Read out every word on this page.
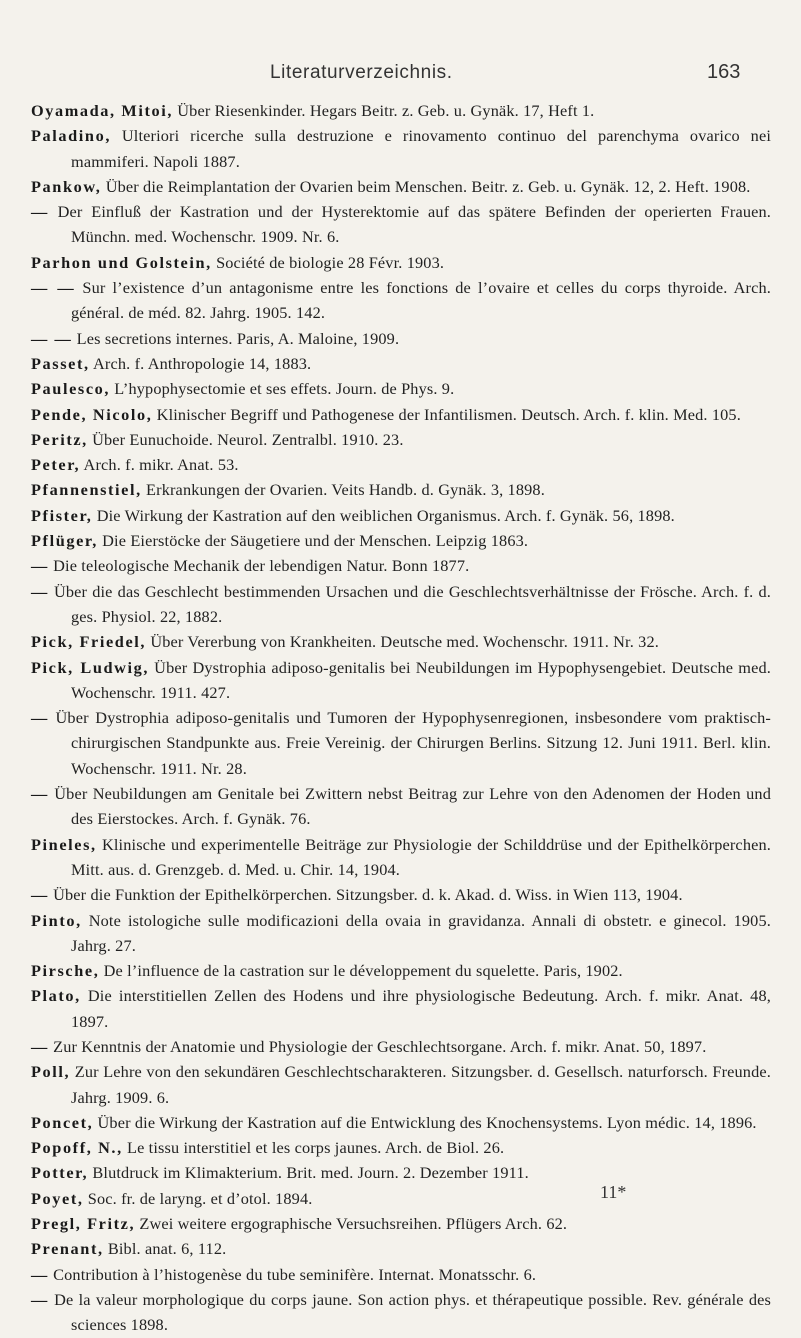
Literaturverzeichnis.	163
Oyamada, Mitoi, Über Riesenkinder. Hegars Beitr. z. Geb. u. Gynäk. 17, Heft 1.
Paladino, Ulteriori ricerche sulla destruzione e rinovamento continuo del parenchyma ovarico nei mammiferi. Napoli 1887.
Pankow, Über die Reimplantation der Ovarien beim Menschen. Beitr. z. Geb. u. Gynäk. 12, 2. Heft. 1908.
— Der Einfluß der Kastration und der Hysterektomie auf das spätere Befinden der operierten Frauen. Münchn. med. Wochenschr. 1909. Nr. 6.
Parhon und Golstein, Société de biologie 28 Févr. 1903.
— — Sur l’existence d’un antagonisme entre les fonctions de l’ovaire et celles du corps thyroide. Arch. général. de méd. 82. Jahrg. 1905. 142.
— — Les secretions internes. Paris, A. Maloine, 1909.
Passet, Arch. f. Anthropologie 14, 1883.
Paulesco, L’hypophysectomie et ses effets. Journ. de Phys. 9.
Pende, Nicolo, Klinischer Begriff und Pathogenese der Infantilismen. Deutsch. Arch. f. klin. Med. 105.
Peritz, Über Eunuchoide. Neurol. Zentralbl. 1910. 23.
Peter, Arch. f. mikr. Anat. 53.
Pfannenstiel, Erkrankungen der Ovarien. Veits Handb. d. Gynäk. 3, 1898.
Pfister, Die Wirkung der Kastration auf den weiblichen Organismus. Arch. f. Gynäk. 56, 1898.
Pflüger, Die Eierstöcke der Säugetiere und der Menschen. Leipzig 1863.
— Die teleologische Mechanik der lebendigen Natur. Bonn 1877.
— Über die das Geschlecht bestimmenden Ursachen und die Geschlechtsverhältnisse der Frösche. Arch. f. d. ges. Physiol. 22, 1882.
Pick, Friedel, Über Vererbung von Krankheiten. Deutsche med. Wochenschr. 1911. Nr. 32.
Pick, Ludwig, Über Dystrophia adiposo-genitalis bei Neubildungen im Hypophysengebiet. Deutsche med. Wochenschr. 1911. 427.
— Über Dystrophia adiposo-genitalis und Tumoren der Hypophysenregionen, insbesondere vom praktisch-chirurgischen Standpunkte aus. Freie Vereinig. der Chirurgen Berlins. Sitzung 12. Juni 1911. Berl. klin. Wochenschr. 1911. Nr. 28.
— Über Neubildungen am Genitale bei Zwittern nebst Beitrag zur Lehre von den Adenomen der Hoden und des Eierstockes. Arch. f. Gynäk. 76.
Pineles, Klinische und experimentelle Beiträge zur Physiologie der Schilddrüse und der Epithelkörperchen. Mitt. aus. d. Grenzgeb. d. Med. u. Chir. 14, 1904.
— Über die Funktion der Epithelkörperchen. Sitzungsber. d. k. Akad. d. Wiss. in Wien 113, 1904.
Pinto, Note istologiche sulle modificazioni della ovaia in gravidanza. Annali di obstetr. e ginecol. 1905. Jahrg. 27.
Pirsche, De l’influence de la castration sur le développement du squelette. Paris, 1902.
Plato, Die interstitiellen Zellen des Hodens und ihre physiologische Bedeutung. Arch. f. mikr. Anat. 48, 1897.
— Zur Kenntnis der Anatomie und Physiologie der Geschlechtsorgane. Arch. f. mikr. Anat. 50, 1897.
Poll, Zur Lehre von den sekundären Geschlechtscharakteren. Sitzungsber. d. Gesellsch. naturforsch. Freunde. Jahrg. 1909. 6.
Poncet, Über die Wirkung der Kastration auf die Entwicklung des Knochensystems. Lyon médic. 14, 1896.
Popoff, N., Le tissu interstitiel et les corps jaunes. Arch. de Biol. 26.
Potter, Blutdruck im Klimakterium. Brit. med. Journ. 2. Dezember 1911.
Poyet, Soc. fr. de laryng. et d’otol. 1894.
Pregl, Fritz, Zwei weitere ergographische Versuchsreihen. Pflügers Arch. 62.
Prenant, Bibl. anat. 6, 112.
— Contribution à l’histogenèse du tube seminifère. Internat. Monatsschr. 6.
— De la valeur morphologique du corps jaune. Son action phys. et thérapeutique possible. Rev. générale des sciences 1898.
11*
